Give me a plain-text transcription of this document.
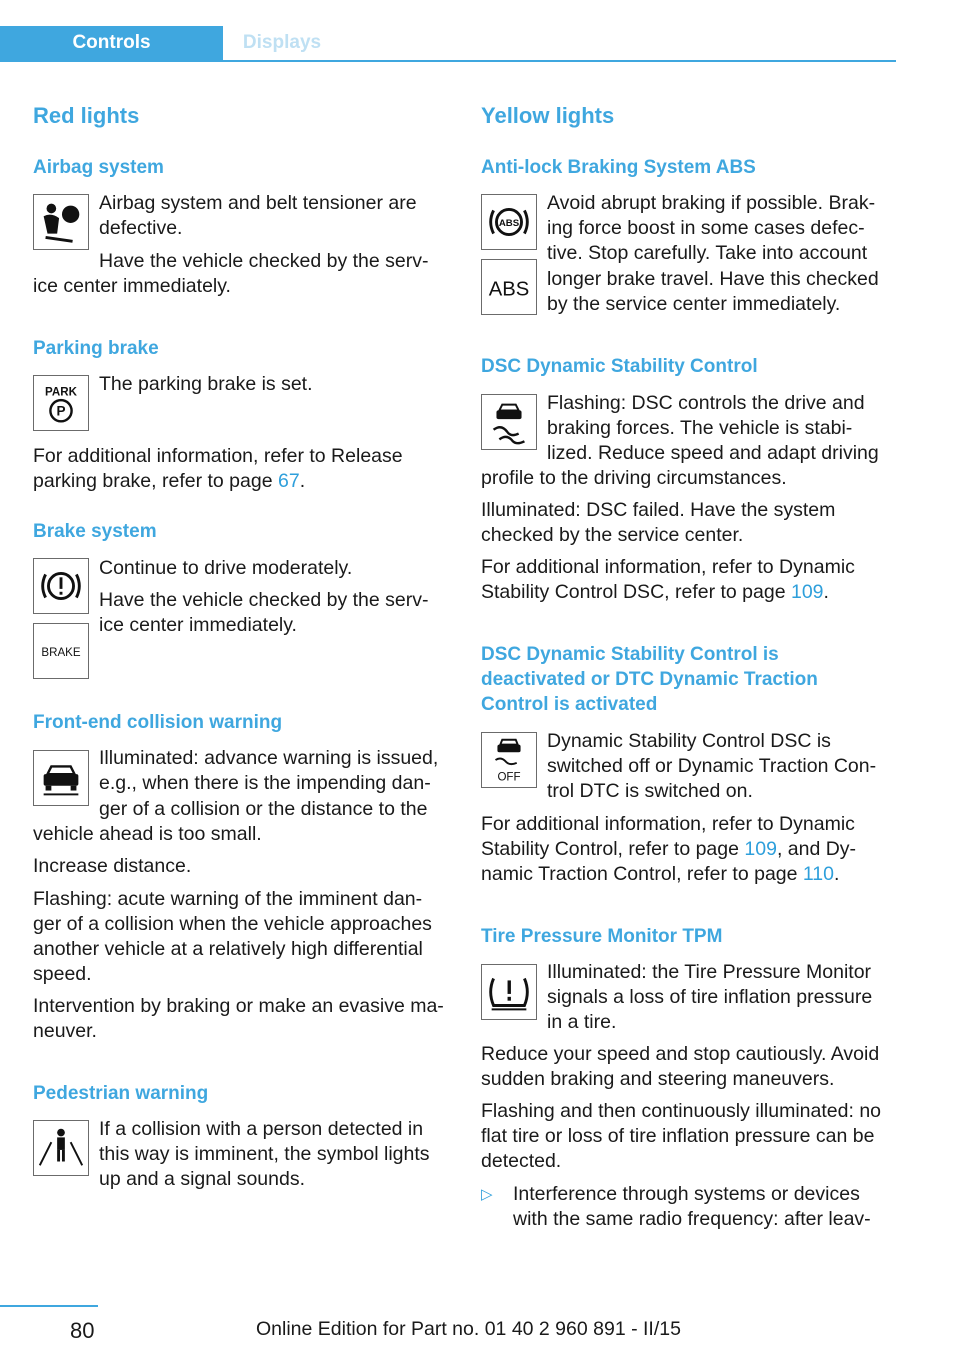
Controls	Displays
Red lights
Airbag system
Airbag system and belt tensioner are
defective.
Have the vehicle checked by the serv-
ice center immediately.
Parking brake
PARK
P
The parking brake is set.
For additional information, refer to Release
parking brake, refer to page 67.
Brake system
BRAKE
Continue to drive moderately.
Have the vehicle checked by the serv-
ice center immediately.
Front-end collision warning
Illuminated: advance warning is issued,
e.g., when there is the impending dan-
ger of a collision or the distance to the
vehicle ahead is too small.
Increase distance.
Flashing: acute warning of the imminent dan-
ger of a collision when the vehicle approaches
another vehicle at a relatively high differential
speed.
Intervention by braking or make an evasive ma-
neuver.
Pedestrian warning
If a collision with a person detected in
this way is imminent, the symbol lights
up and a signal sounds.
Yellow lights
Anti-lock Braking System ABS
ABS
ABS
Avoid abrupt braking if possible. Brak-
ing force boost in some cases defec-
tive. Stop carefully. Take into account
longer brake travel. Have this checked
by the service center immediately.
DSC Dynamic Stability Control
Flashing: DSC controls the drive and
braking forces. The vehicle is stabi-
lized. Reduce speed and adapt driving
profile to the driving circumstances.
Illuminated: DSC failed. Have the system
checked by the service center.
For additional information, refer to Dynamic
Stability Control DSC, refer to page 109.
DSC Dynamic Stability Control is
deactivated or DTC Dynamic Traction
Control is activated
OFF
Dynamic Stability Control DSC is
switched off or Dynamic Traction Con-
trol DTC is switched on.
For additional information, refer to Dynamic
Stability Control, refer to page 109, and Dy-
namic Traction Control, refer to page 110.
Tire Pressure Monitor TPM
Illuminated: the Tire Pressure Monitor
signals a loss of tire inflation pressure
in a tire.
Reduce your speed and stop cautiously. Avoid
sudden braking and steering maneuvers.
Flashing and then continuously illuminated: no
flat tire or loss of tire inflation pressure can be
detected.
▷ Interference through systems or devices
with the same radio frequency: after leav-
80	Online Edition for Part no. 01 40 2 960 891 - II/15
